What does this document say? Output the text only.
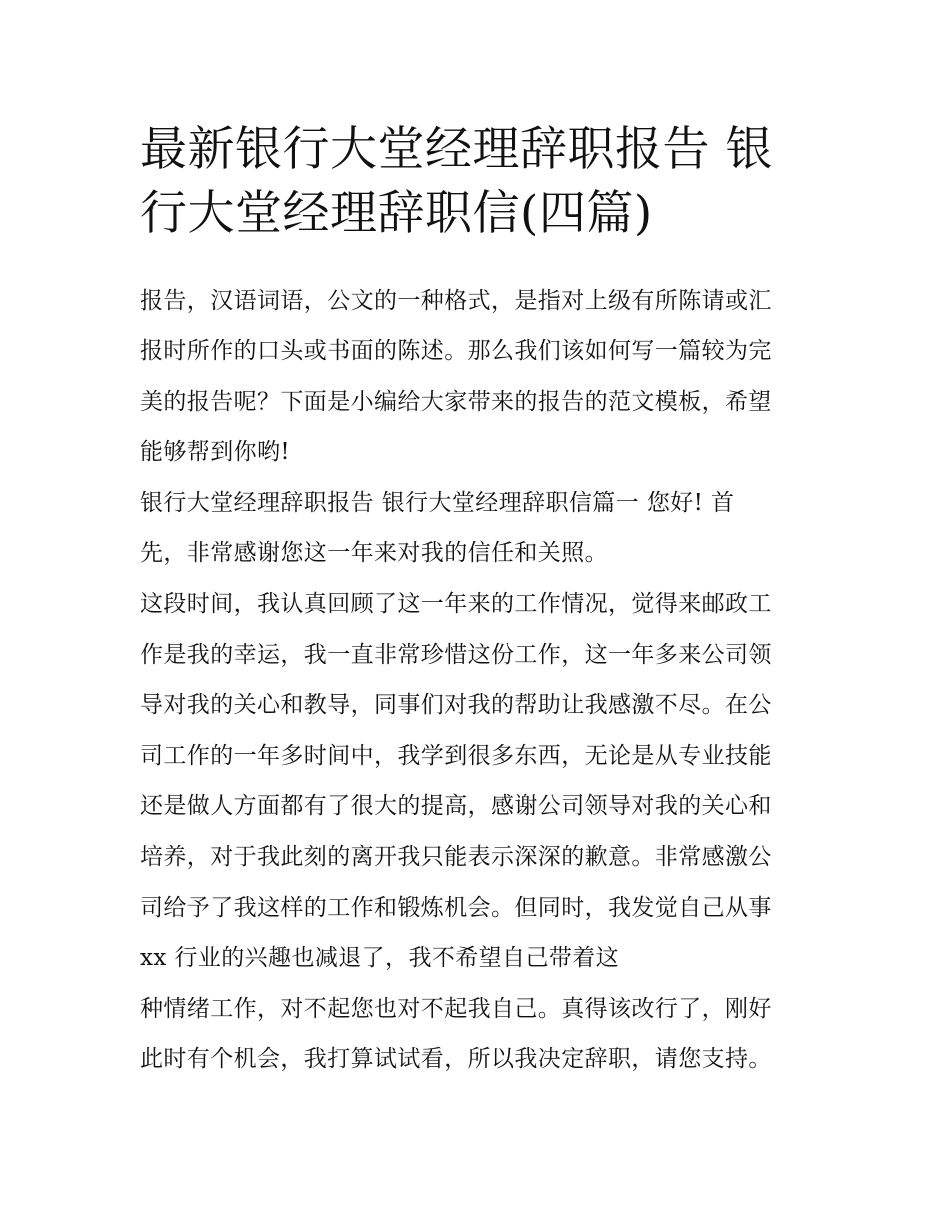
最新银行大堂经理辞职报告 银
行大堂经理辞职信(四篇)

报告，汉语词语，公文的一种格式，是指对上级有所陈请或汇

报时所作的口头或书面的陈述。那么我们该如何写一篇较为完

美的报告呢？下面是小编给大家带来的报告的范文模板，希望

能够帮到你哟!

银行大堂经理辞职报告 银行大堂经理辞职信篇一 您好! 首

先，非常感谢您这一年来对我的信任和关照。

这段时间，我认真回顾了这一年来的工作情况，觉得来邮政工

作是我的幸运，我一直非常珍惜这份工作，这一年多来公司领

导对我的关心和教导，同事们对我的帮助让我感激不尽。在公

司工作的一年多时间中，我学到很多东西，无论是从专业技能

还是做人方面都有了很大的提高，感谢公司领导对我的关心和

培养，对于我此刻的离开我只能表示深深的歉意。非常感激公

司给予了我这样的工作和锻炼机会。但同时，我发觉自己从事

xx 行业的兴趣也减退了，我不希望自己带着这

种情绪工作，对不起您也对不起我自己。真得该改行了，刚好

此时有个机会，我打算试试看，所以我决定辞职，请您支持。
